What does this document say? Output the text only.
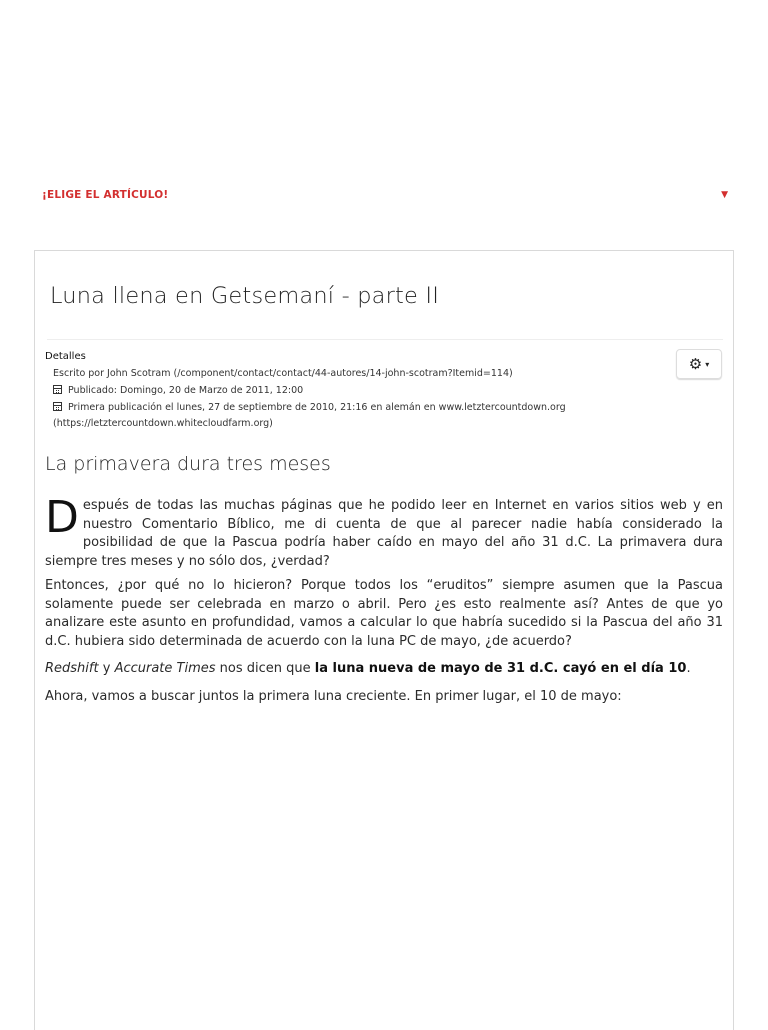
¡ELIGE EL ARTÍCULO!	▼
Luna llena en Getsemaní - parte II
Detalles
Escrito por John Scotram (/component/contact/contact/44-autores/14-john-scotram?Itemid=114)
Publicado: Domingo, 20 de Marzo de 2011, 12:00
Primera publicación el lunes, 27 de septiembre de 2010, 21:16 en alemán en www.letztercountdown.org
(https://letztercountdown.whitecloudfarm.org)
⚙ ▾
La primavera dura tres meses

Después de todas las muchas páginas que he podido leer en Internet en varios sitios web y en nuestro Comentario Bíblico, me di cuenta de que al parecer nadie había considerado la posibilidad de que la Pascua podría haber caído en mayo del año 31 d.C. La primavera dura siempre tres meses y no sólo dos, ¿verdad?

Entonces, ¿por qué no lo hicieron? Porque todos los “eruditos” siempre asumen que la Pascua solamente puede ser celebrada en marzo o abril. Pero ¿es esto realmente así? Antes de que yo analizare este asunto en profundidad, vamos a calcular lo que habría sucedido si la Pascua del año 31 d.C. hubiera sido determinada de acuerdo con la luna PC de mayo, ¿de acuerdo?

Redshift y Accurate Times nos dicen que la luna nueva de mayo de 31 d.C. cayó en el día 10.

Ahora, vamos a buscar juntos la primera luna creciente. En primer lugar, el 10 de mayo:
